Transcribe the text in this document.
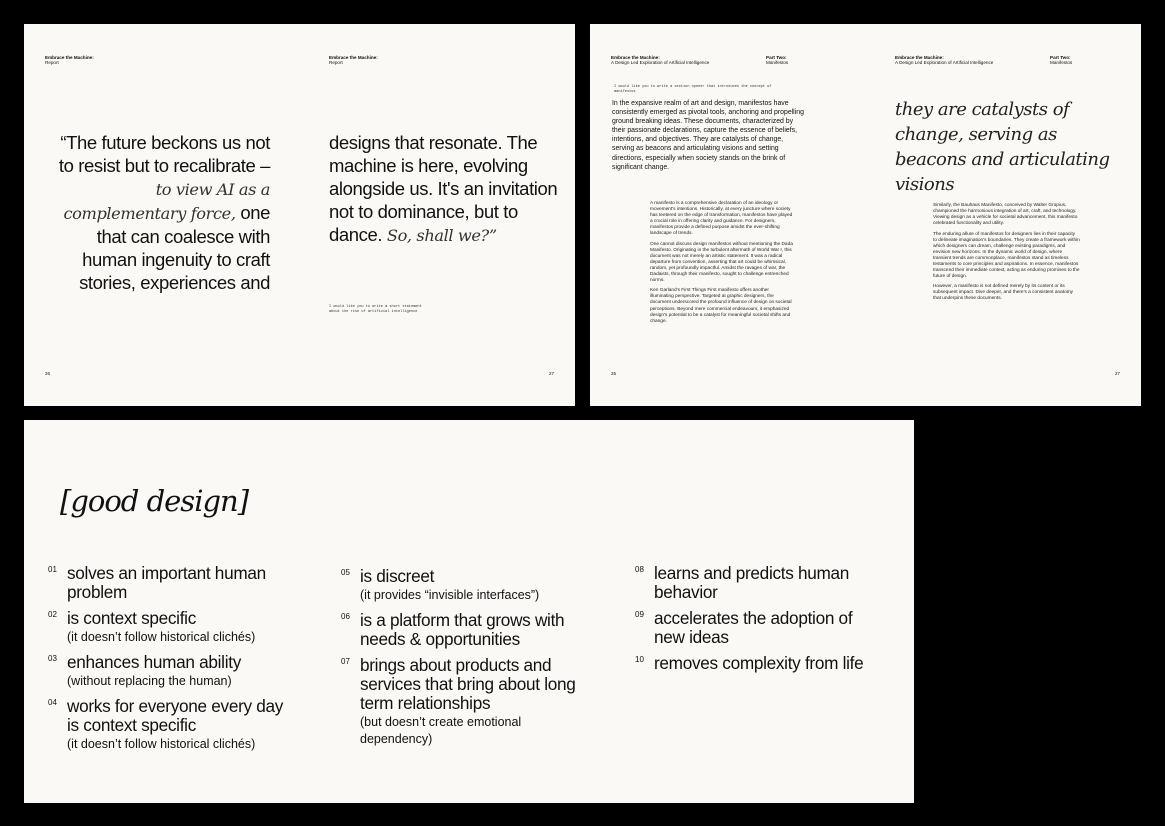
Embrace the Machine:
Report
Embrace the Machine:
Report
“The future beckons us not to resist but to recalibrate – to view AI as a complementary force, one that can coalesce with human ingenuity to craft stories, experiences and
designs that resonate. The machine is here, evolving alongside us. It's an invitation not to dominance, but to dance. So, shall we?”
I would like you to write a short statement about the rise of artificial intelligence
26	27
Embrace the Machine:
A Design Led Exploration of Artificial Intelligence
Part Two:
Manifestos
Embrace the Machine:
A Design Led Exploration of Artificial Intelligence
Part Two:
Manifestos
I would like you to write a section opener that introduces the concept of manifestos
In the expansive realm of art and design, manifestos have consistently emerged as pivotal tools, anchoring and propelling ground breaking ideas. These documents, characterized by their passionate declarations, capture the essence of beliefs, intentions, and objectives. They are catalysts of change, serving as beacons and articulating visions and setting directions, especially when society stands on the brink of significant change.

A manifesto is a comprehensive declaration of an ideology or movement's intentions. Historically, at every juncture where society has teetered on the edge of transformation, manifestos have played a crucial role in offering clarity and guidance. For designers, manifestos provide a defined purpose amidst the ever-shifting landscape of trends.

One cannot discuss design manifestos without mentioning the Dada Manifesto. Originating in the turbulent aftermath of World War I, this document was not merely an artistic statement. It was a radical departure from convention, asserting that art could be whimsical, random, yet profoundly impactful. Amidst the ravages of war, the Dadaists, through their manifesto, sought to challenge entrenched norms.

Ken Garland's First Things First manifesto offers another illuminating perspective. Targeted at graphic designers, the document underscored the profound influence of design on societal perceptions. Beyond mere commercial endeavours, it emphasized design's potential to be a catalyst for meaningful societal shifts and change.

they are catalysts of change, serving as beacons and articulating visions

Similarly, the Bauhaus Manifesto, conceived by Walter Gropius, championed the harmonious integration of art, craft, and technology. Viewing design as a vehicle for societal advancement, this manifesto celebrated functionality and utility.

The enduring allure of manifestos for designers lies in their capacity to delineate imagination's boundaries. They create a framework within which designers can dream, challenge existing paradigms, and envision new horizons. In the dynamic world of design, where transient trends are commonplace, manifestos stand as timeless testaments to core principles and aspirations. In essence, manifestos transcend their immediate context, acting as enduring promises to the future of design.

However, a manifesto is not defined merely by its content or its subsequent impact. Dive deeper, and there's a consistent anatomy that underpins these documents.

26	27
[good design]
01 solves an important human problem
02 is context specific
(it doesn’t follow historical clichés)
03 enhances human ability
(without replacing the human)
04 works for everyone every day is context specific
(it doesn’t follow historical clichés)
05 is discreet
(it provides “invisible interfaces”)
06 is a platform that grows with needs & opportunities
07 brings about products and services that bring about long term relationships
(but doesn’t create emotional dependency)
08 learns and predicts human behavior
09 accelerates the adoption of new ideas
10 removes complexity from life
